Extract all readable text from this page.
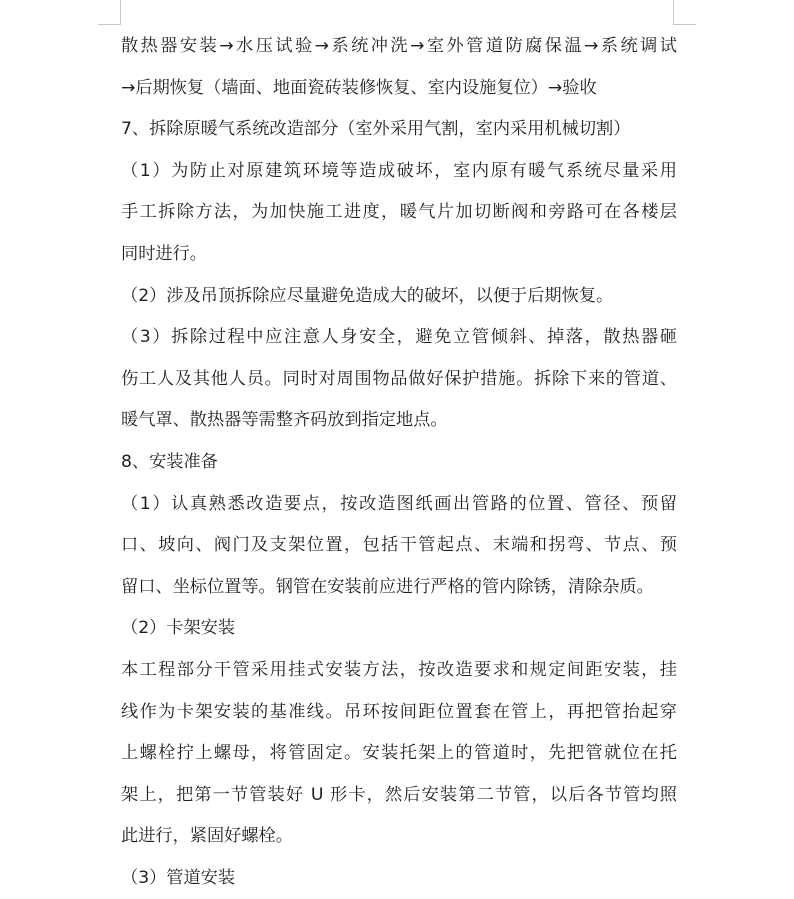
散热器安装→水压试验→系统冲洗→室外管道防腐保温→系统调试
→后期恢复（墙面、地面瓷砖装修恢复、室内设施复位）→验收
7、拆除原暖气系统改造部分（室外采用气割，室内采用机械切割）
（1）为防止对原建筑环境等造成破坏，室内原有暖气系统尽量采用
手工拆除方法，为加快施工进度，暖气片加切断阀和旁路可在各楼层
同时进行。
（2）涉及吊顶拆除应尽量避免造成大的破坏，以便于后期恢复。
（3）拆除过程中应注意人身安全，避免立管倾斜、掉落，散热器砸
伤工人及其他人员。同时对周围物品做好保护措施。拆除下来的管道、
暖气罩、散热器等需整齐码放到指定地点。
8、安装准备
（1）认真熟悉改造要点，按改造图纸画出管路的位置、管径、预留
口、坡向、阀门及支架位置，包括干管起点、末端和拐弯、节点、预
留口、坐标位置等。钢管在安装前应进行严格的管内除锈，清除杂质。
（2）卡架安装
本工程部分干管采用挂式安装方法，按改造要求和规定间距安装，挂
线作为卡架安装的基准线。吊环按间距位置套在管上，再把管抬起穿
上螺栓拧上螺母，将管固定。安装托架上的管道时，先把管就位在托
架上，把第一节管装好 U 形卡，然后安装第二节管，以后各节管均照
此进行，紧固好螺栓。
（3）管道安装
